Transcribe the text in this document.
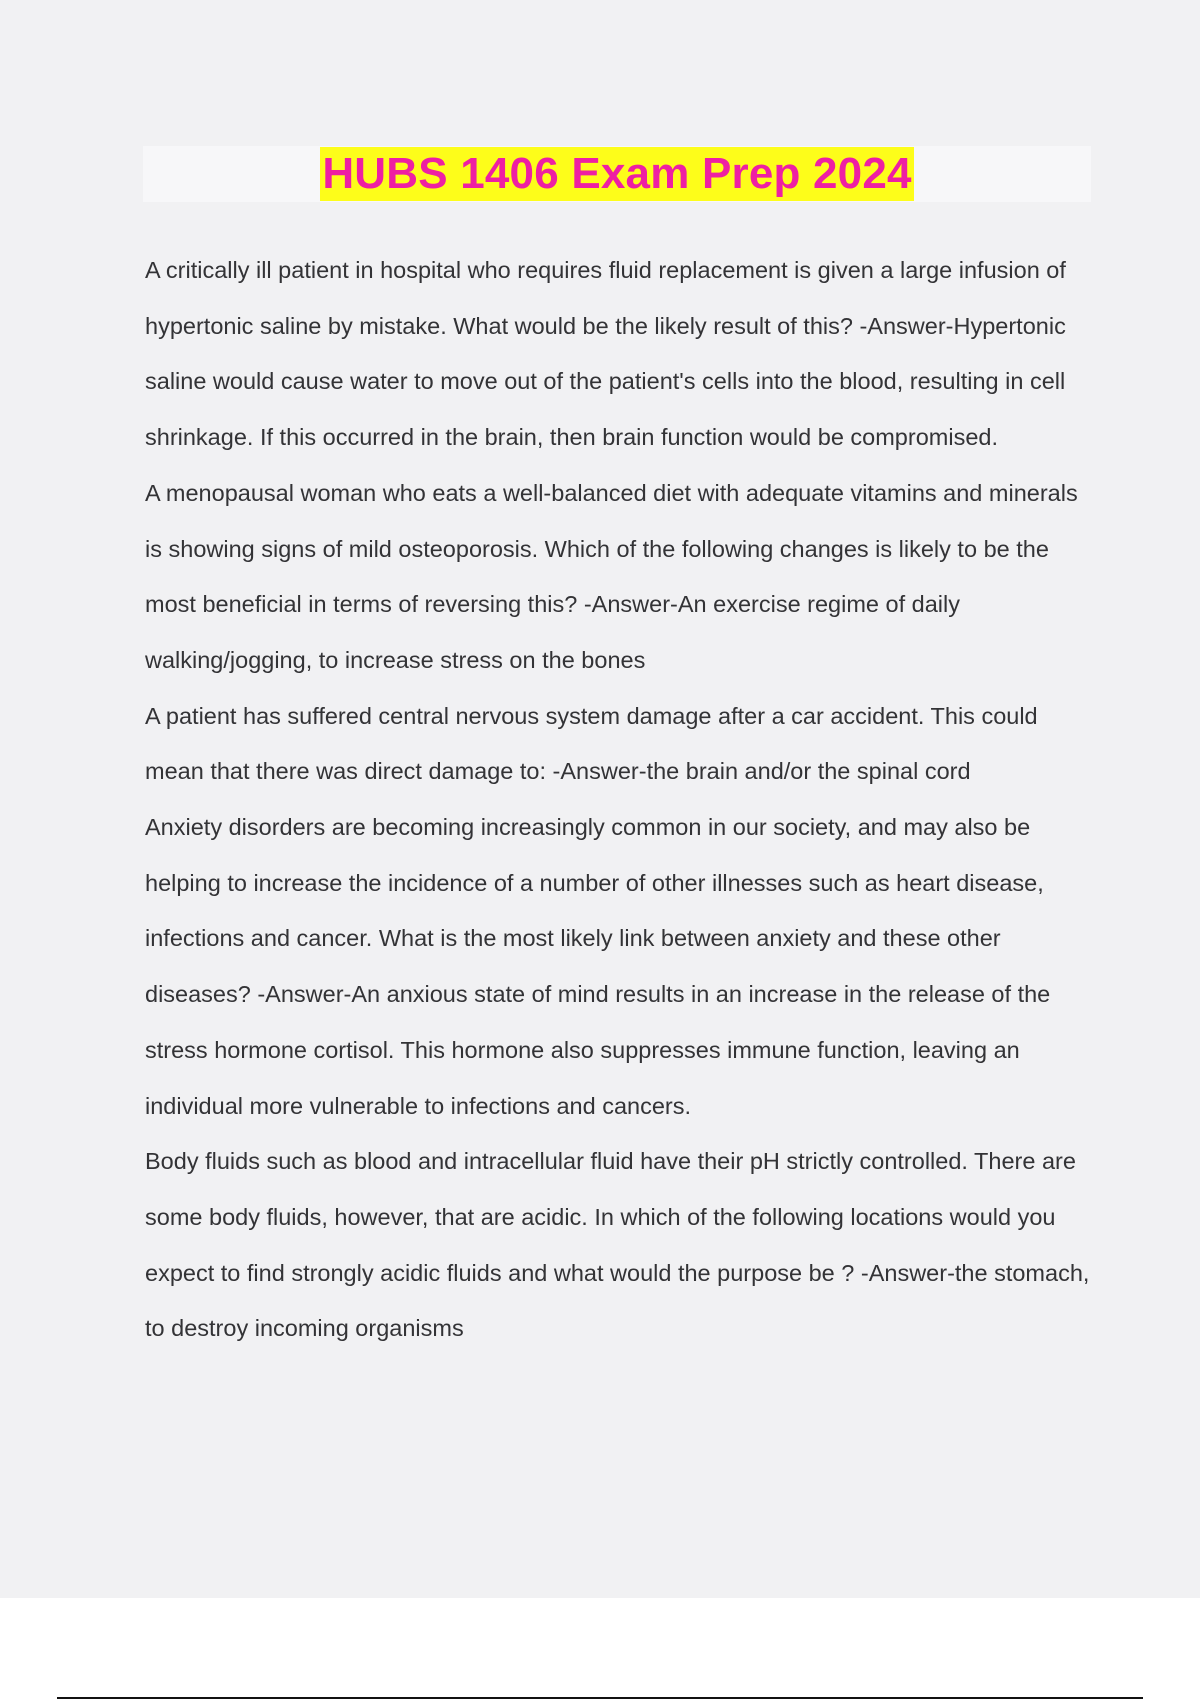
HUBS 1406 Exam Prep 2024

A critically ill patient in hospital who requires fluid replacement is given a large infusion of hypertonic saline by mistake. What would be the likely result of this? -Answer-Hypertonic saline would cause water to move out of the patient's cells into the blood, resulting in cell shrinkage. If this occurred in the brain, then brain function would be compromised.

A menopausal woman who eats a well-balanced diet with adequate vitamins and minerals is showing signs of mild osteoporosis. Which of the following changes is likely to be the most beneficial in terms of reversing this? -Answer-An exercise regime of daily walking/jogging, to increase stress on the bones

A patient has suffered central nervous system damage after a car accident. This could mean that there was direct damage to: -Answer-the brain and/or the spinal cord

Anxiety disorders are becoming increasingly common in our society, and may also be helping to increase the incidence of a number of other illnesses such as heart disease, infections and cancer. What is the most likely link between anxiety and these other diseases? -Answer-An anxious state of mind results in an increase in the release of the stress hormone cortisol. This hormone also suppresses immune function, leaving an individual more vulnerable to infections and cancers.

Body fluids such as blood and intracellular fluid have their pH strictly controlled. There are some body fluids, however, that are acidic. In which of the following locations would you expect to find strongly acidic fluids and what would the purpose be ? -Answer-the stomach, to destroy incoming organisms
